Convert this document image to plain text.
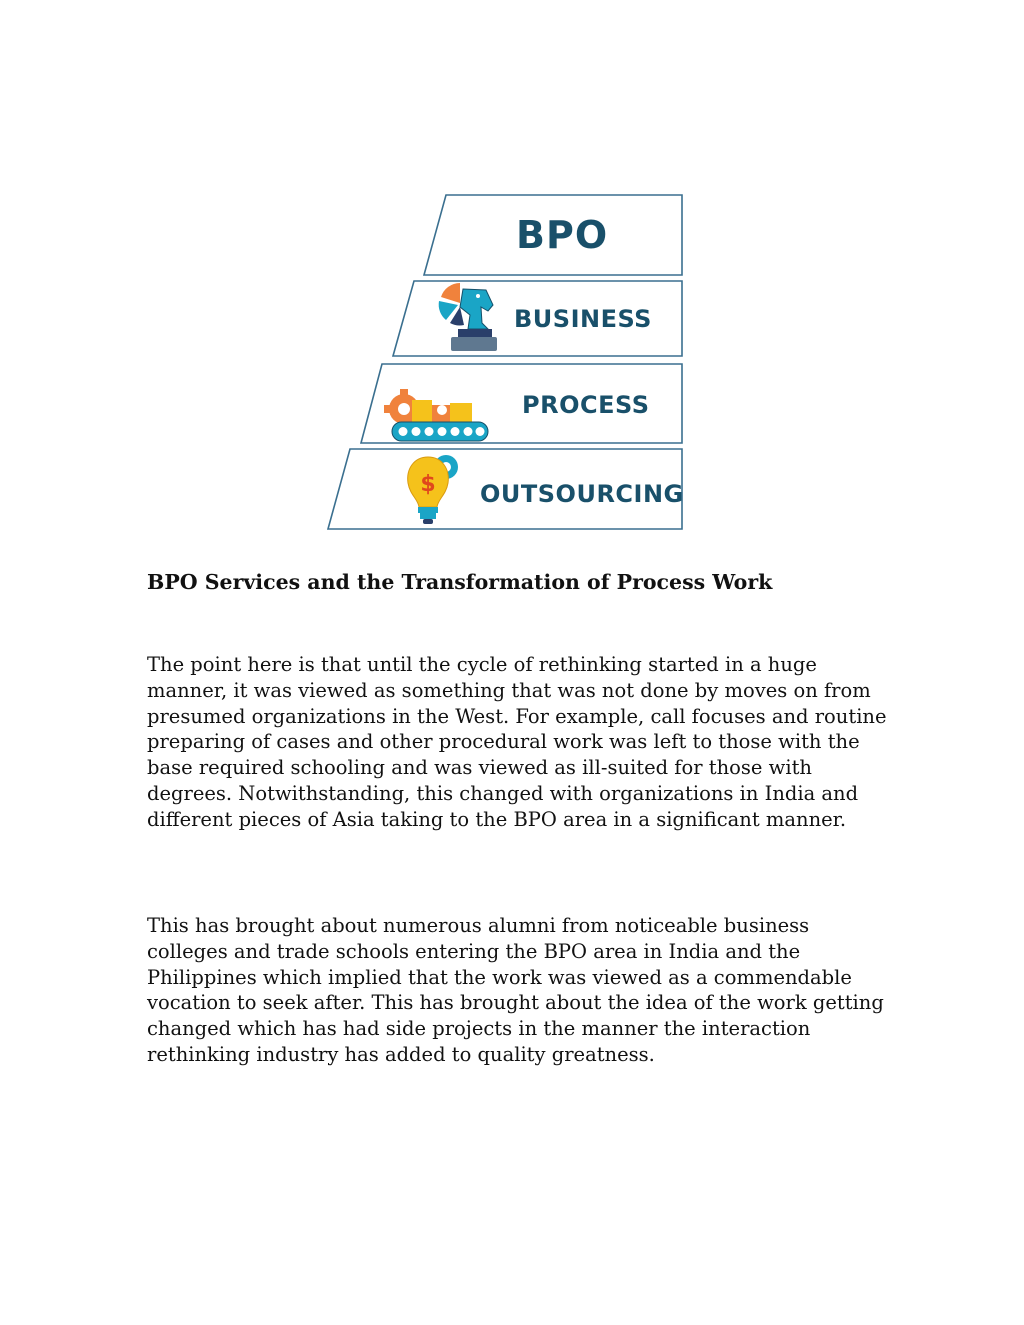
$
BPO
BUSINESS
PROCESS
OUTSOURCING
BPO Services and the Transformation of Process Work

The point here is that until the cycle of rethinking started in a huge manner, it was viewed as something that was not done by moves on from presumed organizations in the West. For example, call focuses and routine preparing of cases and other procedural work was left to those with the base required schooling and was viewed as ill-suited for those with degrees. Notwithstanding, this changed with organizations in India and different pieces of Asia taking to the BPO area in a significant manner.

This has brought about numerous alumni from noticeable business colleges and trade schools entering the BPO area in India and the Philippines which implied that the work was viewed as a commendable vocation to seek after. This has brought about the idea of the work getting changed which has had side projects in the manner the interaction rethinking industry has added to quality greatness.
